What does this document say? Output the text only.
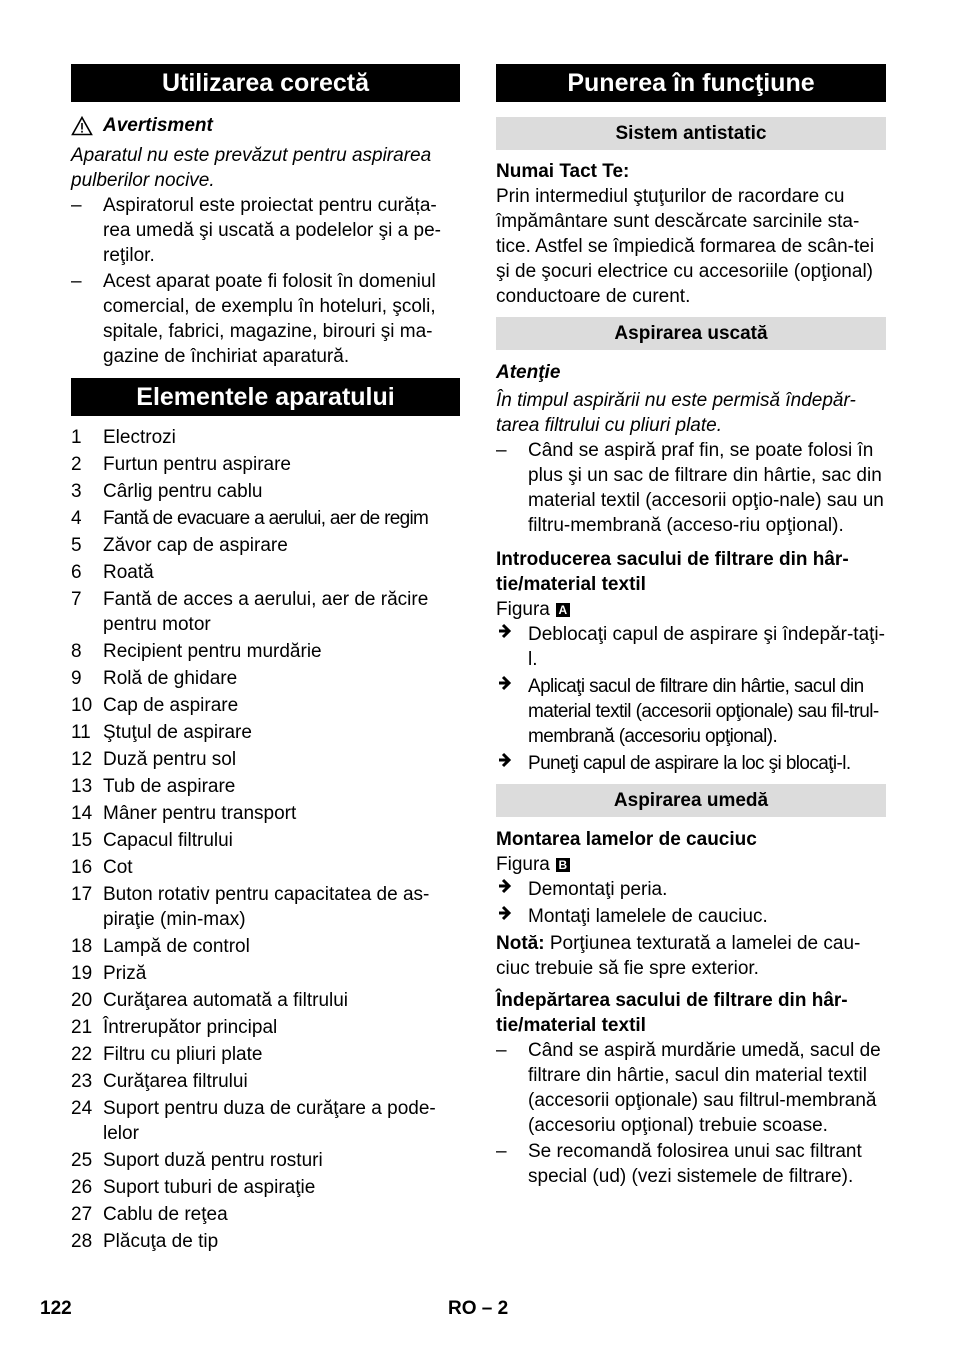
Utilizarea corectă
Avertisment

Aparatul nu este prevăzut pentru aspirarea pulberilor nocive.

–	Aspiratorul este proiectat pentru curăța-rea umedă şi uscată a podelelor şi a pe-reţilor.
–	Acest aparat poate fi folosit în domeniul comercial, de exemplu în hoteluri, şcoli, spitale, fabrici, magazine, birouri şi ma-gazine de închiriat aparatură.
Elementele aparatului
1 Electrozi
2 Furtun pentru aspirare
3 Cârlig pentru cablu
4 Fantă de evacuare a aerului, aer de regim
5 Zăvor cap de aspirare
6 Roată
7 Fantă de acces a aerului, aer de răcire pentru motor
8 Recipient pentru murdărie
9 Rolă de ghidare
10 Cap de aspirare
11 Ştuţul de aspirare
12 Duză pentru sol
13 Tub de aspirare
14 Mâner pentru transport
15 Capacul filtrului
16 Cot
17 Buton rotativ pentru capacitatea de as-piraţie (min-max)
18 Lampă de control
19 Priză
20 Curăţarea automată a filtrului
21 Întrerupător principal
22 Filtru cu pliuri plate
23 Curăţarea filtrului
24 Suport pentru duza de curăţare a pode-lelor
25 Suport duză pentru rosturi
26 Suport tuburi de aspiraţie
27 Cablu de reţea
28 Plăcuţa de tip
Punerea în funcţiune
Sistem antistatic

Numai Tact Te:

Prin intermediul ştuţurilor de racordare cu împământare sunt descărcate sarcinile sta-tice. Astfel se împiedică formarea de scân-tei şi de şocuri electrice cu accesoriile (opţional) conductoare de curent.

Aspirarea uscată

Atenţie

În timpul aspirării nu este permisă îndepăr-tarea filtrului cu pliuri plate.

–	Când se aspiră praf fin, se poate folosi în plus şi un sac de filtrare din hârtie, sac din material textil (accesorii opţio-nale) sau un filtru-membrană (acceso-riu opţional).

Introducerea sacului de filtrare din hâr-tie/material textil

Figura A

Deblocaţi capul de aspirare şi îndepăr-taţi-l.
Aplicaţi sacul de filtrare din hârtie, sacul din material textil (accesorii opţionale) sau fil-trul-membrană (accesoriu opţional).
Puneţi capul de aspirare la loc şi blocaţi-l.
Aspirarea umedă

Montarea lamelor de cauciuc

Figura B

Demontaţi peria.
Montaţi lamelele de cauciuc.

Notă: Porţiunea texturată a lamelei de cau-ciuc trebuie să fie spre exterior.

Îndepărtarea sacului de filtrare din hâr-tie/material textil

–	Când se aspiră murdărie umedă, sacul de filtrare din hârtie, sacul din material textil (accesorii opţionale) sau filtrul-membrană (accesoriu opţional) trebuie scoase.
–	Se recomandă folosirea unui sac filtrant special (ud) (vezi sistemele de filtrare).
122	RO – 2
